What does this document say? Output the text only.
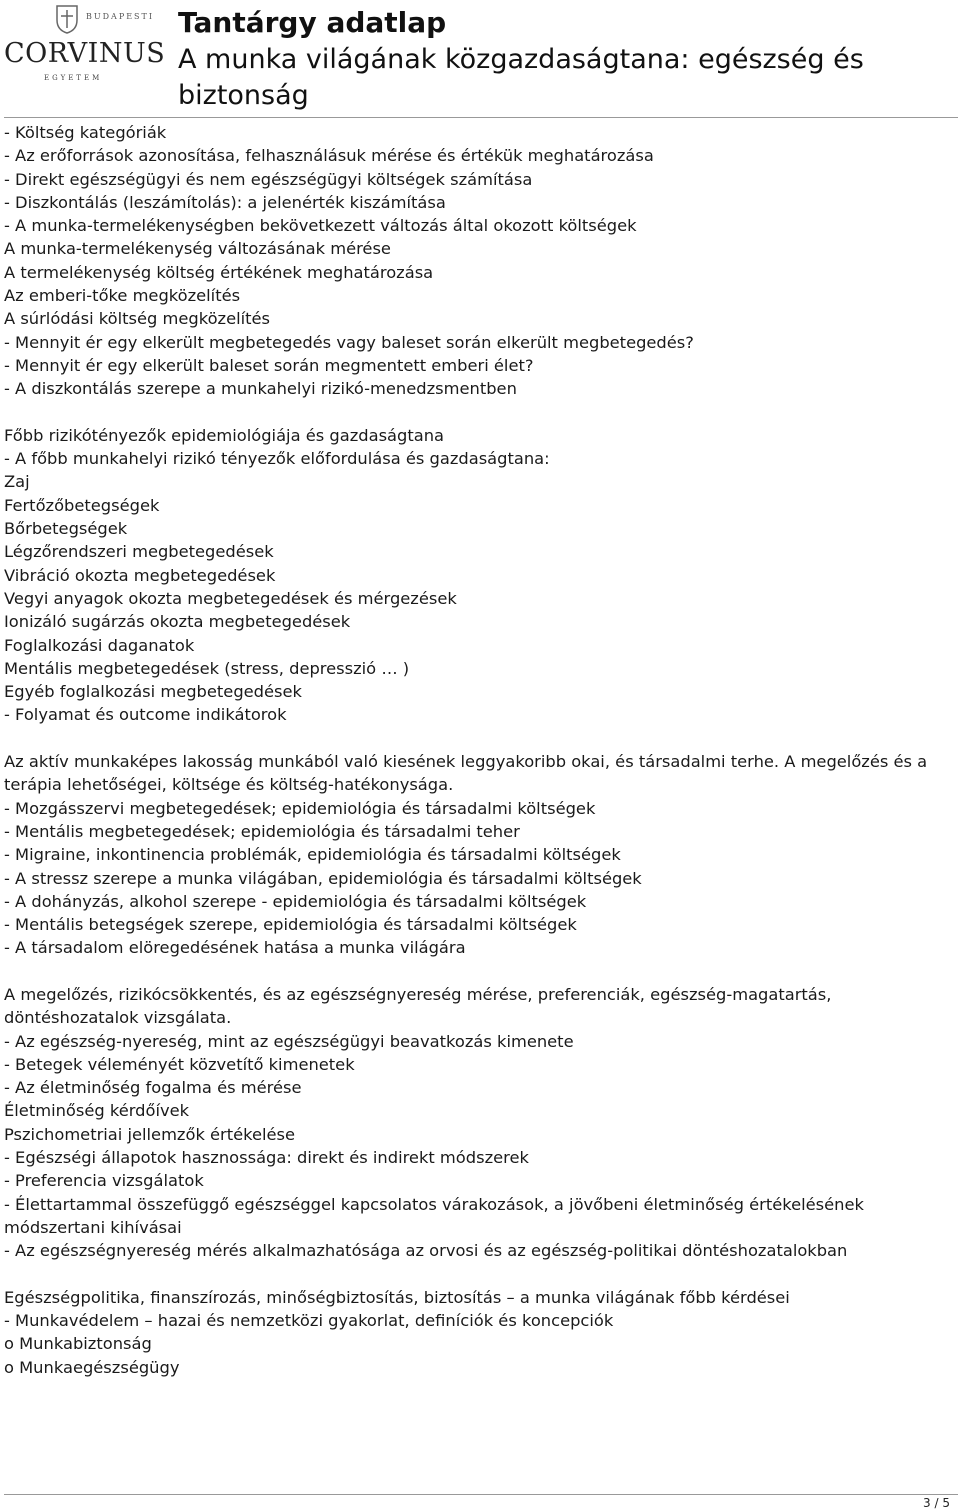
BUDAPESTI
CORVINUS
EGYETEM
Tantárgy adatlap
A munka világának közgazdaságtana: egészség és biztonság
- Költség kategóriák
- Az erőforrások azonosítása, felhasználásuk mérése és értékük meghatározása
- Direkt egészségügyi és nem egészségügyi költségek számítása
- Diszkontálás (leszámítolás): a jelenérték kiszámítása
- A munka-termelékenységben bekövetkezett változás által okozott költségek
A munka-termelékenység változásának mérése
A termelékenység költség értékének meghatározása
Az emberi-tőke megközelítés
A súrlódási költség megközelítés
- Mennyit ér egy elkerült megbetegedés vagy baleset során elkerült megbetegedés?
- Mennyit ér egy elkerült baleset során megmentett emberi élet?
- A diszkontálás szerepe a munkahelyi rizikó-menedzsmentben
Főbb rizikótényezők epidemiológiája és gazdaságtana
- A főbb munkahelyi rizikó tényezők előfordulása és gazdaságtana:
Zaj
Fertőzőbetegségek
Bőrbetegségek
Légzőrendszeri megbetegedések
Vibráció okozta megbetegedések
Vegyi anyagok okozta megbetegedések és mérgezések
Ionizáló sugárzás okozta megbetegedések
Foglalkozási daganatok
Mentális megbetegedések (stress, depresszió … )
Egyéb foglalkozási megbetegedések
- Folyamat és outcome indikátorok
Az aktív munkaképes lakosság munkából való kiesének leggyakoribb okai, és társadalmi terhe. A megelőzés és a terápia lehetőségei, költsége és költség-hatékonysága.
- Mozgásszervi megbetegedések; epidemiológia és társadalmi költségek
- Mentális megbetegedések; epidemiológia és társadalmi teher
- Migraine, inkontinencia problémák, epidemiológia és társadalmi költségek
- A stressz szerepe a munka világában, epidemiológia és társadalmi költségek
- A dohányzás, alkohol szerepe - epidemiológia és társadalmi költségek
- Mentális betegségek szerepe, epidemiológia és társadalmi költségek
- A társadalom elöregedésének hatása a munka világára
A megelőzés, rizikócsökkentés, és az egészségnyereség mérése, preferenciák, egészség-magatartás, döntéshozatalok vizsgálata.
- Az egészség-nyereség, mint az egészségügyi beavatkozás kimenete
- Betegek véleményét közvetítő kimenetek
- Az életminőség fogalma és mérése
Életminőség kérdőívek
Pszichometriai jellemzők értékelése
- Egészségi állapotok hasznossága: direkt és indirekt módszerek
- Preferencia vizsgálatok
- Élettartammal összefüggő egészséggel kapcsolatos várakozások, a jövőbeni életminőség értékelésének módszertani kihívásai
- Az egészségnyereség mérés alkalmazhatósága az orvosi és az egészség-politikai döntéshozatalokban
Egészségpolitika, finanszírozás, minőségbiztosítás, biztosítás – a munka világának főbb kérdései
- Munkavédelem – hazai és nemzetközi gyakorlat, definíciók és koncepciók
o Munkabiztonság
o Munkaegészségügy
3 / 5
